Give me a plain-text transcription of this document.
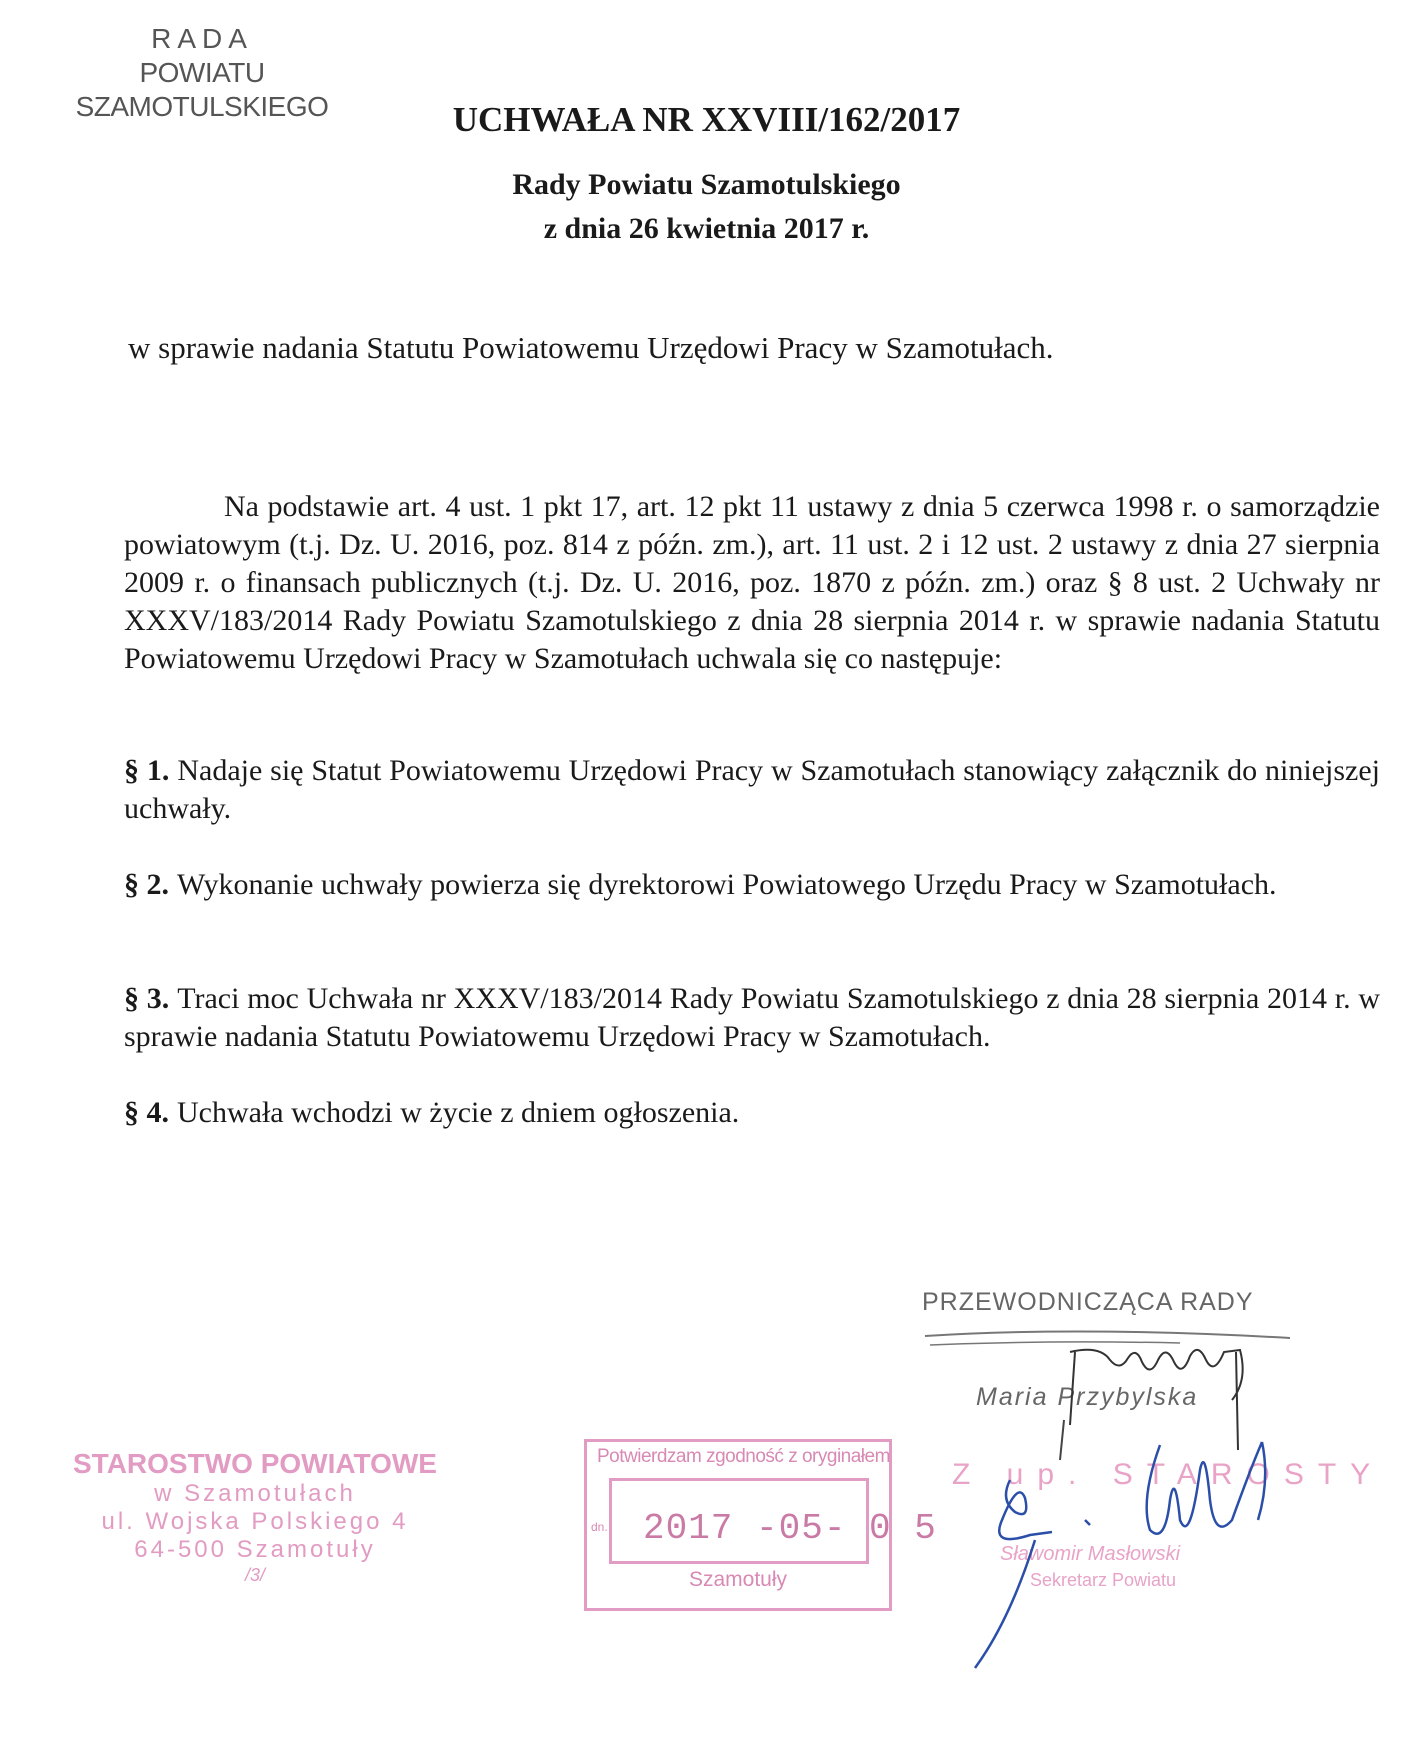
RADA
POWIATU SZAMOTULSKIEGO	UCHWAŁA NR XXVIII/162/2017
Rady Powiatu Szamotulskiego
z dnia 26 kwietnia 2017 r.
w sprawie nadania Statutu Powiatowemu Urzędowi Pracy w Szamotułach.
Na podstawie art. 4 ust. 1 pkt 17, art. 12 pkt 11 ustawy z dnia 5 czerwca 1998 r. o samorządzie powiatowym (t.j. Dz. U. 2016, poz. 814 z późn. zm.), art. 11 ust. 2 i 12 ust. 2 ustawy z dnia 27 sierpnia 2009 r. o finansach publicznych (t.j. Dz. U. 2016, poz. 1870 z późn. zm.) oraz § 8 ust. 2 Uchwały nr XXXV/183/2014 Rady Powiatu Szamotulskiego z dnia 28 sierpnia 2014 r. w sprawie nadania Statutu Powiatowemu Urzędowi Pracy w Szamotułach uchwala się co następuje:
§ 1. Nadaje się Statut Powiatowemu Urzędowi Pracy w Szamotułach stanowiący załącznik do niniejszej uchwały.
§ 2. Wykonanie uchwały powierza się dyrektorowi Powiatowego Urzędu Pracy w Szamotułach.
§ 3. Traci moc Uchwała nr XXXV/183/2014 Rady Powiatu Szamotulskiego z dnia 28 sierpnia 2014 r. w sprawie nadania Statutu Powiatowemu Urzędowi Pracy w Szamotułach.
§ 4. Uchwała wchodzi w życie z dniem ogłoszenia.
PRZEWODNICZĄCA RADY
Maria Przybylska
Z up. STAROSTY
Sławomir Masłowski
Sekretarz Powiatu
STAROSTWO POWIATOWE
w Szamotułach
ul. Wojska Polskiego 4
64-500 Szamotuły
/3/
Potwierdzam zgodność z oryginałem
dn. 2017 -05- 0 5
Szamotuły
